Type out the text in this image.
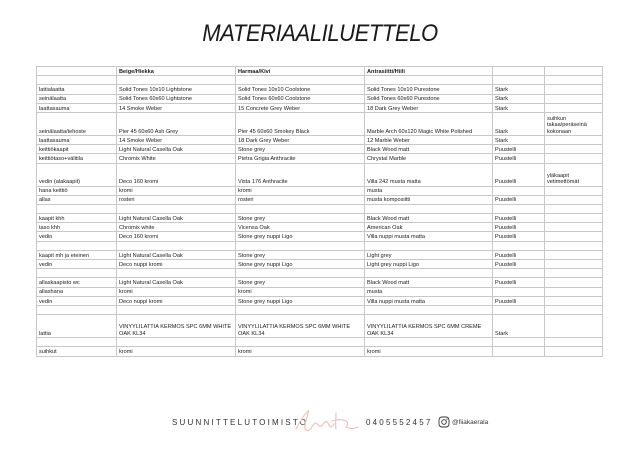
MATERIAALILUETTELO
	Beige/Hiekka	Harmaa/Kivi	Antrasiitti/Hiili		

lattialaatta	Solid Tones 10x10 Lightstone	Solid Tones 10x10 Coolstone	Solid Tones 10x10 Purestone	Stark	
seinälaatta	Solid Tones 60x60 Lightstone	Solid Tones 60x60 Coolstone	Solid Tones 60x60 Purestone	Stark	
laattasauma	14 Smoke Weber	15 Concrete Grey Weber	18 Dark Grey Weber	Stark	
seinälaatta/tehoste	Pier 45 60x60 Ash Grey	Pier 45 60x60 Smokey Black	Marble Arch 60x120 Magic White Polished	Stark	suihkun takaa/peräseinä kokonaan
laattasauma	14 Smoke Weber	18 Dark Grey Weber	12 Marble Weber	Stark	
keittiökaapit	Light Natural Casella Oak	Stone grey	Black Wood matt	Puustelli	
keittiötaso+välitila	Chromix White	Pietra Grigia Anthracite	Chrystal Marble	Puustelli	
vedin (alakaapit)	Deco 160 kromi	Vista 176 Anthracite	Villa 242 musta matta	Puustelli	yläkaapit vetimettömät
hana keittiö	kromi	kromi	musta		
allas	rosteri	rosteri	musta komposiitti	Puustelli	

kaapit khh	Light Natural Casella Oak	Stone grey	Black Wood matt	Puustelli	
taso khh	Chromix white	Vicensa Oak	American Oak	Puustelli	
vedin	Deco 160 kromi	Stone grey nuppi Ligo	Villa nuppi musta matta	Puustelli	

kaapit mh ja eteinen	Light Natural Casella Oak	Stone grey	Light grey	Puustelli	
vedin	Deco nuppi kromi	Stone grey nuppi Ligo	Light grey nuppi Ligo	Puustelli	

allaskaapisto wc	Light Natural Casella Oak	Stone grey	Black Wood matt	Puustelli	
allashana	kromi	kromi	musta		
vedin	Deco nuppi kromi	Stone grey nuppi Ligo	Villa nuppi musta matta	Puustelli	

lattia	VINYYLILATTIA KERMOS SPC 6MM WHITE OAK KL34	VINYYLILATTIA KERMOS SPC 6MM WHITE OAK KL34	VINYYLILATTIA KERMOS SPC 6MM CREME OAK KL34	Stark	

suihkut	kromi	kromi	kromi		
SUUNNITTELUTOIMISTO	0405552457	@fiiakaerala
